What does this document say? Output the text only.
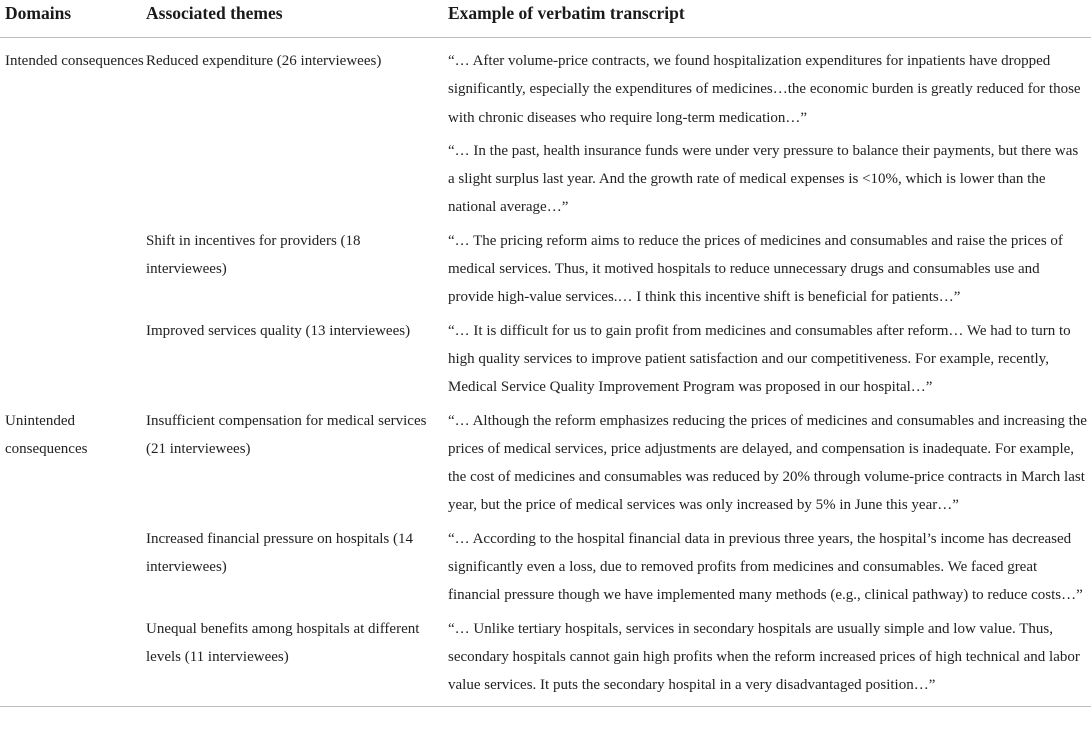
Domains	Associated themes	Example of verbatim transcript
Intended consequences	Reduced expenditure (26 interviewees)	“… After volume-price contracts, we found hospitalization expenditures for inpatients have dropped significantly, especially the expenditures of medicines…the economic burden is greatly reduced for those with chronic diseases who require long-term medication…”
“… In the past, health insurance funds were under very pressure to balance their payments, but there was a slight surplus last year. And the growth rate of medical expenses is <10%, which is lower than the national average…”

	Shift in incentives for providers (18 interviewees)	“… The pricing reform aims to reduce the prices of medicines and consumables and raise the prices of medical services. Thus, it motived hospitals to reduce unnecessary drugs and consumables use and provide high-value services.… I think this incentive shift is beneficial for patients…”

	Improved services quality (13 interviewees)	“… It is difficult for us to gain profit from medicines and consumables after reform… We had to turn to high quality services to improve patient satisfaction and our competitiveness. For example, recently, Medical Service Quality Improvement Program was proposed in our hospital…”

Unintended consequences	Insufficient compensation for medical services (21 interviewees)	“… Although the reform emphasizes reducing the prices of medicines and consumables and increasing the prices of medical services, price adjustments are delayed, and compensation is inadequate. For example, the cost of medicines and consumables was reduced by 20% through volume-price contracts in March last year, but the price of medical services was only increased by 5% in June this year…”

	Increased financial pressure on hospitals (14 interviewees)	“… According to the hospital financial data in previous three years, the hospital’s income has decreased significantly even a loss, due to removed profits from medicines and consumables. We faced great financial pressure though we have implemented many methods (e.g., clinical pathway) to reduce costs…”

	Unequal benefits among hospitals at different levels (11 interviewees)	“… Unlike tertiary hospitals, services in secondary hospitals are usually simple and low value. Thus, secondary hospitals cannot gain high profits when the reform increased prices of high technical and labor value services. It puts the secondary hospital in a very disadvantaged position…”
